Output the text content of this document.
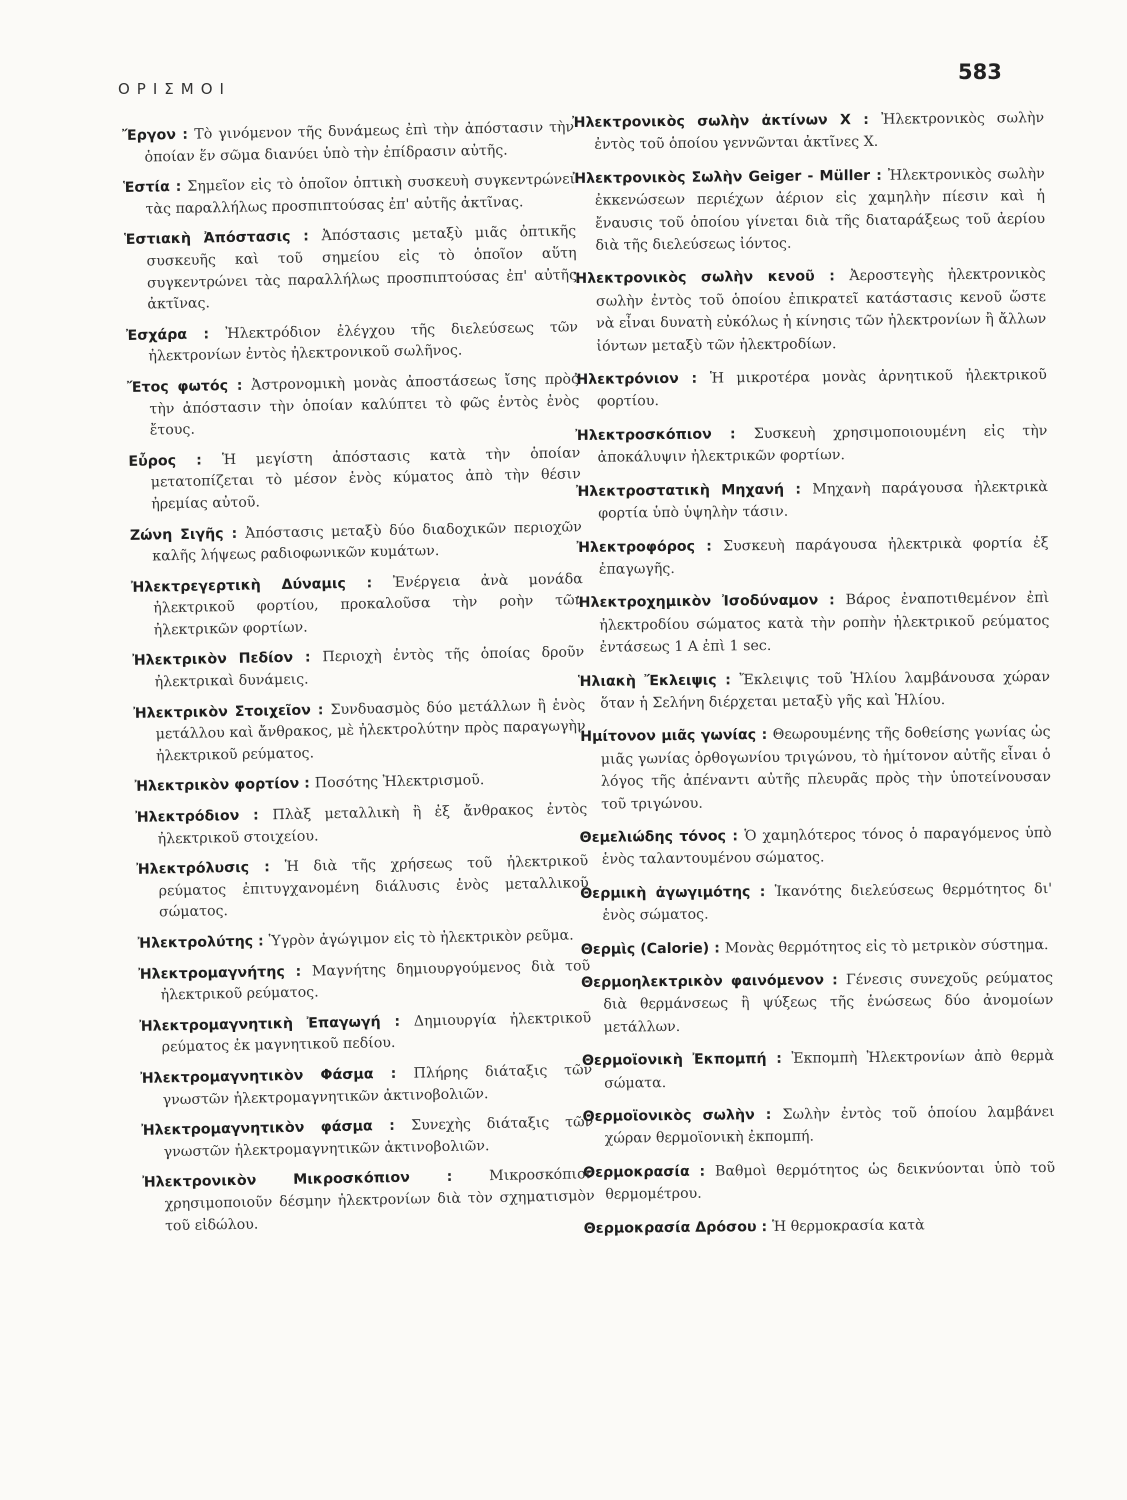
ΟΡΙΣΜΟΙ
583

Ἔργον : Τὸ γινόμενον τῆς δυνάμεως ἐπὶ τὴν ἀπόστασιν τὴν ὁποίαν ἕν σῶμα διανύει ὑπὸ τὴν ἐπίδρασιν αὐτῆς.

Ἑστία : Σημεῖον εἰς τὸ ὁποῖον ὀπτικὴ συσκευὴ συγκεντρώνει τὰς παραλλήλως προσπιπτούσας ἐπ' αὐτῆς ἀκτῖνας.

Ἑστιακὴ Ἀπόστασις : Ἀπόστασις μεταξὺ μιᾶς ὀπτικῆς συσκευῆς καὶ τοῦ σημείου εἰς τὸ ὁποῖον αὕτη συγκεντρώνει τὰς παραλλήλως προσπιπτούσας ἐπ' αὐτῆς ἀκτῖνας.

Ἐσχάρα : Ἠλεκτρόδιον ἐλέγχου τῆς διελεύσεως τῶν ἠλεκτρονίων ἐντὸς ἠλεκτρονικοῦ σωλῆνος.

Ἔτος φωτός : Ἀστρονομικὴ μονὰς ἀποστάσεως ἴσης πρὸς τὴν ἀπόστασιν τὴν ὁποίαν καλύπτει τὸ φῶς ἐντὸς ἑνὸς ἔτους.

Εὖρος : Ἡ μεγίστη ἀπόστασις κατὰ τὴν ὁποίαν μετατοπίζεται τὸ μέσον ἑνὸς κύματος ἀπὸ τὴν θέσιν ἠρεμίας αὐτοῦ.

Ζώνη Σιγῆς : Ἀπόστασις μεταξὺ δύο διαδοχικῶν περιοχῶν καλῆς λήψεως ραδιοφωνικῶν κυμάτων.

Ἠλεκτρεγερτικὴ Δύναμις : Ἐνέργεια ἀνὰ μονάδα ἠλεκτρικοῦ φορτίου, προκαλοῦσα τὴν ροὴν τῶν ἠλεκτρικῶν φορτίων.

Ἠλεκτρικὸν Πεδίον : Περιοχὴ ἐντὸς τῆς ὁποίας δροῦν ἠλεκτρικαὶ δυνάμεις.

Ἠλεκτρικὸν Στοιχεῖον : Συνδυασμὸς δύο μετάλλων ἢ ἑνὸς μετάλλου καὶ ἄνθρακος, μὲ ἠλεκτρολύτην πρὸς παραγωγὴν ἠλεκτρικοῦ ρεύματος.

Ἠλεκτρικὸν φορτίον : Ποσότης Ἠλεκτρισμοῦ.

Ἠλεκτρόδιον : Πλὰξ μεταλλικὴ ἢ ἐξ ἄνθρακος ἐντὸς ἠλεκτρικοῦ στοιχείου.

Ἠλεκτρόλυσις : Ἡ διὰ τῆς χρήσεως τοῦ ἠλεκτρικοῦ ρεύματος ἐπιτυγχανομένη διάλυσις ἑνὸς μεταλλικοῦ σώματος.

Ἠλεκτρολύτης : Ὑγρὸν ἀγώγιμον εἰς τὸ ἠλεκτρικὸν ρεῦμα.

Ἠλεκτρομαγνήτης : Μαγνήτης δημιουργούμενος διὰ τοῦ ἠλεκτρικοῦ ρεύματος.

Ἠλεκτρομαγνητικὴ Ἐπαγωγή : Δημιουργία ἠλεκτρικοῦ ρεύματος ἐκ μαγνητικοῦ πεδίου.

Ἠλεκτρομαγνητικὸν Φάσμα : Πλήρης διάταξις τῶν γνωστῶν ἠλεκτρομαγνητικῶν ἀκτινοβολιῶν.

Ἠλεκτρομαγνητικὸν φάσμα : Συνεχὴς διάταξις τῶν γνωστῶν ἠλεκτρομαγνητικῶν ἀκτινοβολιῶν.

Ἠλεκτρονικὸν Μικροσκόπιον : Μικροσκόπιον χρησιμοποιοῦν δέσμην ἠλεκτρονίων διὰ τὸν σχηματισμὸν τοῦ εἰδώλου.

Ἠλεκτρονικὸς σωλὴν ἀκτίνων Χ : Ἠλεκτρονικὸς σωλὴν ἐντὸς τοῦ ὁποίου γεννῶνται ἀκτῖνες Χ.

Ἠλεκτρονικὸς Σωλὴν Geiger - Müller : Ἠλεκτρονικὸς σωλὴν ἐκκενώσεων περιέχων ἀέριον εἰς χαμηλὴν πίεσιν καὶ ἡ ἔναυσις τοῦ ὁποίου γίνεται διὰ τῆς διαταράξεως τοῦ ἀερίου διὰ τῆς διελεύσεως ἰόντος.

Ἠλεκτρονικὸς σωλὴν κενοῦ : Ἀεροστεγὴς ἠλεκτρονικὸς σωλὴν ἐντὸς τοῦ ὁποίου ἐπικρατεῖ κατάστασις κενοῦ ὥστε νὰ εἶναι δυνατὴ εὐκόλως ἡ κίνησις τῶν ἠλεκτρονίων ἢ ἄλλων ἰόντων μεταξὺ τῶν ἠλεκτροδίων.

Ἠλεκτρόνιον : Ἡ μικροτέρα μονὰς ἀρνητικοῦ ἠλεκτρικοῦ φορτίου.

Ἠλεκτροσκόπιον : Συσκευὴ χρησιμοποιουμένη εἰς τὴν ἀποκάλυψιν ἠλεκτρικῶν φορτίων.

Ἠλεκτροστατικὴ Μηχανή : Μηχανὴ παράγουσα ἠλεκτρικὰ φορτία ὑπὸ ὑψηλὴν τάσιν.

Ἠλεκτροφόρος : Συσκευὴ παράγουσα ἠλεκτρικὰ φορτία ἐξ ἐπαγωγῆς.

Ἠλεκτροχημικὸν Ἰσοδύναμον : Βάρος ἐναποτιθεμένον ἐπὶ ἠλεκτροδίου σώματος κατὰ τὴν ροπὴν ἠλεκτρικοῦ ρεύματος ἐντάσεως 1 Α ἐπὶ 1 sec.

Ἡλιακὴ Ἔκλειψις : Ἔκλειψις τοῦ Ἡλίου λαμβάνουσα χώραν ὅταν ἡ Σελήνη διέρχεται μεταξὺ γῆς καὶ Ἡλίου.

Ἡμίτονον μιᾶς γωνίας : Θεωρουμένης τῆς δοθείσης γωνίας ὡς μιᾶς γωνίας ὀρθογωνίου τριγώνου, τὸ ἡμίτονον αὐτῆς εἶναι ὁ λόγος τῆς ἀπέναντι αὐτῆς πλευρᾶς πρὸς τὴν ὑποτείνουσαν τοῦ τριγώνου.

Θεμελιώδης τόνος : Ὁ χαμηλότερος τόνος ὁ παραγόμενος ὑπὸ ἑνὸς ταλαντουμένου σώματος.

Θερμικὴ ἀγωγιμότης : Ἱκανότης διελεύσεως θερμότητος δι' ἑνὸς σώματος.

Θερμὶς (Calorie) : Μονὰς θερμότητος εἰς τὸ μετρικὸν σύστημα.

Θερμοηλεκτρικὸν φαινόμενον : Γένεσις συνεχοῦς ρεύματος διὰ θερμάνσεως ἢ ψύξεως τῆς ἑνώσεως δύο ἀνομοίων μετάλλων.

Θερμοϊονικὴ Ἐκπομπή : Ἐκπομπὴ Ἠλεκτρονίων ἀπὸ θερμὰ σώματα.

Θερμοϊονικὸς σωλὴν : Σωλὴν ἐντὸς τοῦ ὁποίου λαμβάνει χώραν θερμοϊονικὴ ἐκπομπή.

Θερμοκρασία : Βαθμοὶ θερμότητος ὡς δεικνύονται ὑπὸ τοῦ θερμομέτρου.

Θερμοκρασία Δρόσου : Ἡ θερμοκρασία κατὰ
